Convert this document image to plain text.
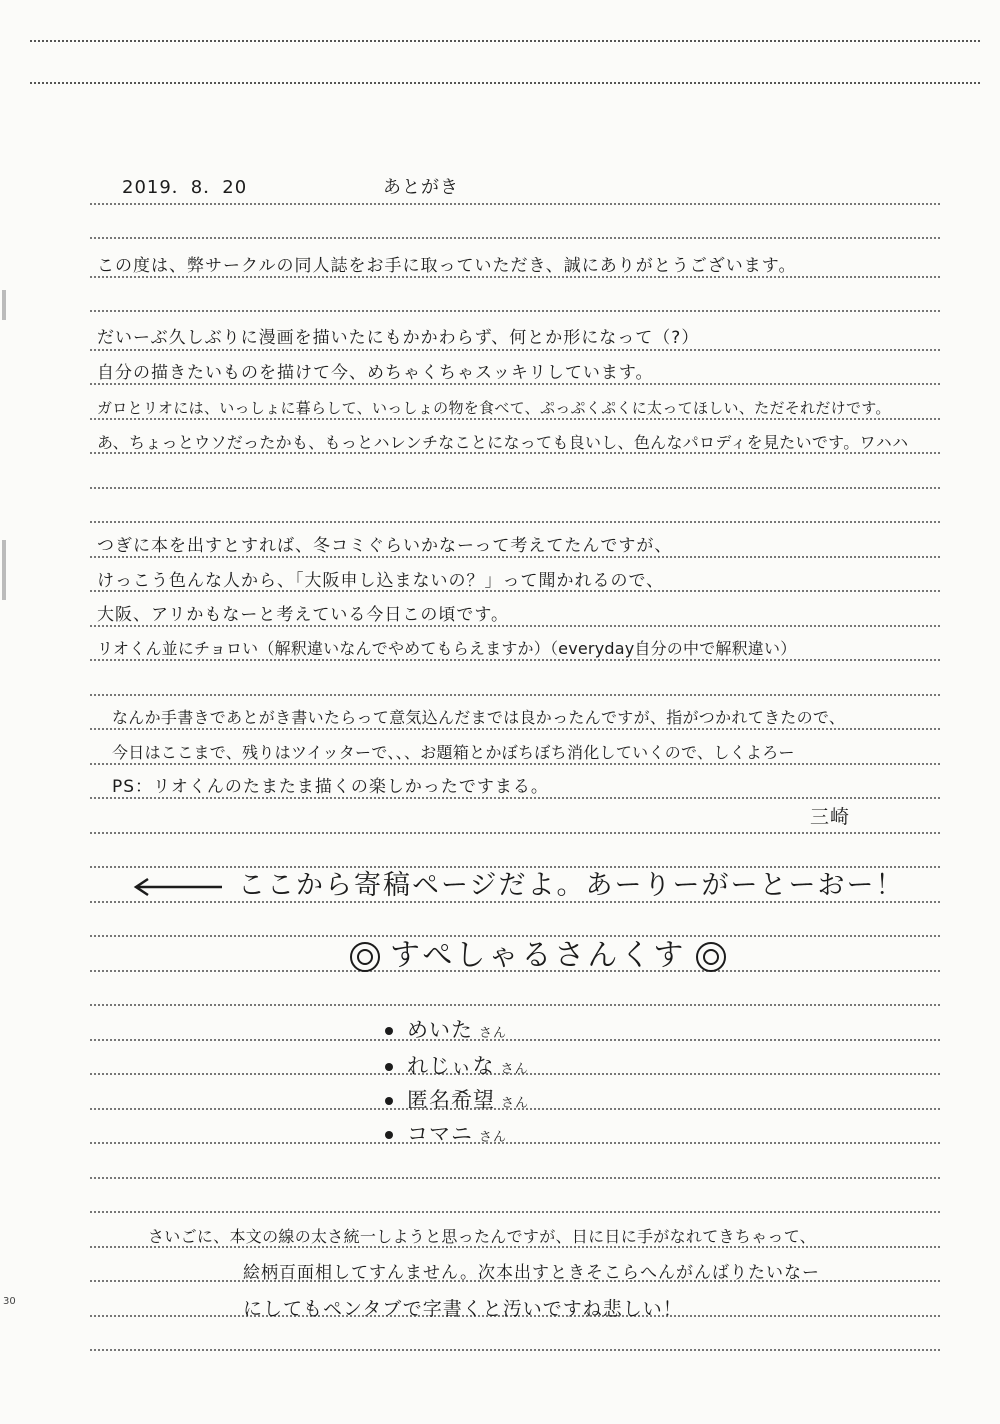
2019．8．20	あとがき
この度は、弊サークルの同人誌をお手に取っていただき、誠にありがとうございます。
だいーぶ久しぶりに漫画を描いたにもかかわらず、何とか形になって（?）
自分の描きたいものを描けて今、めちゃくちゃスッキリしています。
ガロとリオには、いっしょに暮らして、いっしょの物を食べて、ぷっぷくぷくに太ってほしい、ただそれだけです。
あ、ちょっとウソだったかも、もっとハレンチなことになっても良いし、色んなパロディを見たいです。ワハハ
つぎに本を出すとすれば、冬コミぐらいかなーって考えてたんですが、
けっこう色んな人から、「大阪申し込まないの？」って聞かれるので、
大阪、アリかもなーと考えている今日この頃です。
リオくん並にチョロい（解釈違いなんでやめてもらえますか）（everyday自分の中で解釈違い）
なんか手書きであとがき書いたらって意気込んだまでは良かったんですが、指がつかれてきたので、
今日はここまで、残りはツイッターで、、、お題箱とかぼちぼち消化していくので、しくよろー
PS：リオくんのたまたま描くの楽しかったですまる。
三崎
ここから寄稿ページだよ。あーりーがーとーおー！
すぺしゃるさんくす
めいた さん
れじぃな さん
匿名希望 さん
コマニ さん
さいごに、本文の線の太さ統一しようと思ったんですが、日に日に手がなれてきちゃって、
絵柄百面相してすんません。次本出すときそこらへんがんばりたいなー
にしてもペンタブで字書くと汚いですね悲しい！
30
